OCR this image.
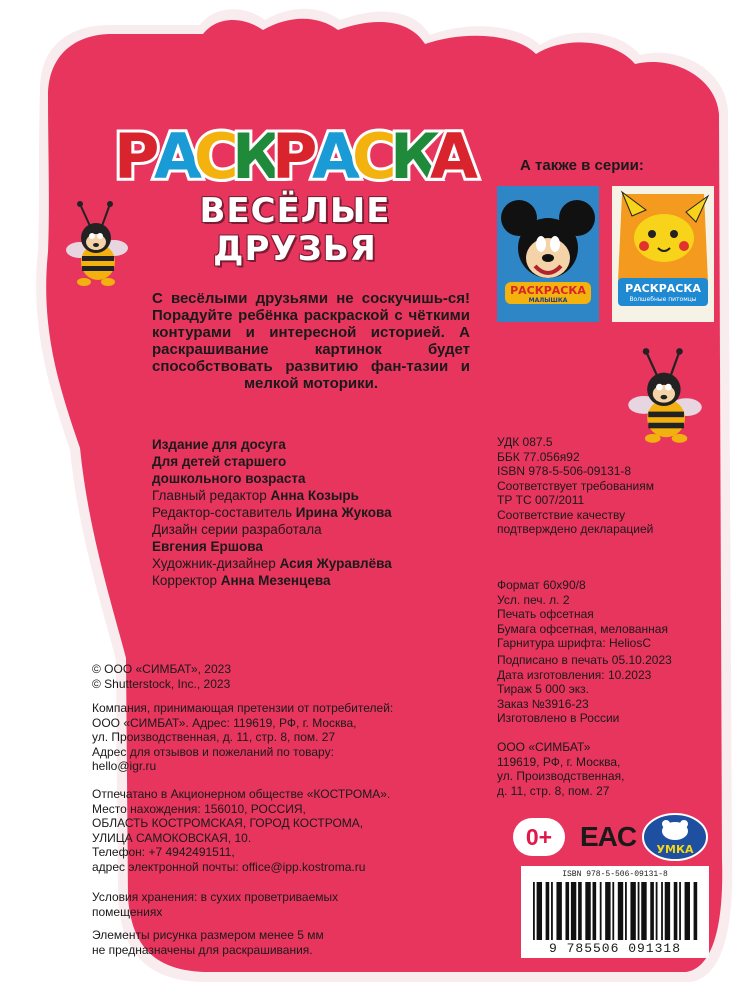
Р
А
С
К
Р
А
С
К
А
ВЕСЁЛЫЕ
ДРУЗЬЯ
А также в серии:
РАСКРАСКА
МАЛЫШКА
РАСКРАСКА
Волшебные питомцы

С весёлыми друзьями не соскучишь-ся! Порадуйте ребёнка раскраской с чёткими контурами и интересной историей. А раскрашивание картинок будет способствовать развитию фан-тазии и мелкой моторики.

Издание для досуга
Для детей старшего
дошкольного возраста
Главный редактор Анна Козырь
Редактор-составитель Ирина Жукова
Дизайн серии разработала
Евгения Ершова
Художник-дизайнер Асия Журавлёва
Корректор Анна Мезенцева
УДК 087.5
ББК 77.056я92
ISBN 978-5-506-09131-8
Соответствует требованиям
ТР ТС 007/2011
Соответствие качеству
подтверждено декларацией
Формат 60х90/8
Усл. печ. л. 2
Печать офсетная
Бумага офсетная, мелованная
Гарнитура шрифта: HeliosC
Подписано в печать 05.10.2023
Дата изготовления: 10.2023
Тираж 5 000 экз.
Заказ №3916-23
Изготовлено в России
ООО «СИМБАТ»
119619, РФ, г. Москва,
ул. Производственная,
д. 11, стр. 8, пом. 27
© ООО «СИМБАТ», 2023
© Shutterstock, Inc., 2023
Компания, принимающая претензии от потребителей:
ООО «СИМБАТ». Адрес: 119619, РФ, г. Москва,
ул. Производственная, д. 11, стр. 8, пом. 27
Адрес для отзывов и пожеланий по товару:
hello@igr.ru
Отпечатано в Акционерном обществе «КОСТРОМА».
Место нахождения: 156010, РОССИЯ,
ОБЛАСТЬ КОСТРОМСКАЯ, ГОРОД КОСТРОМА,
УЛИЦА САМОКОВСКАЯ, 10.
Телефон: +7 4942491511,
адрес электронной почты: office@ipp.kostroma.ru
Условия хранения: в сухих проветриваемых
помещениях
Элементы рисунка размером менее 5 мм
не предназначены для раскрашивания.
0+ EAC УМКА
ISBN 978-5-506-09131-8
9 785506 091318
